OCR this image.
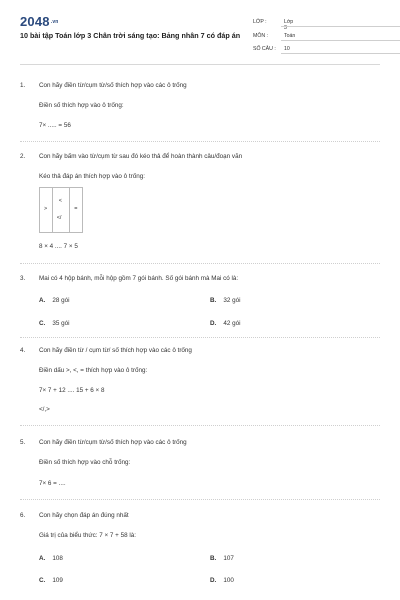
$2048^{.vn}$
10 bài tập Toán lớp 3 Chân trời sáng tạo: Bảng nhân 7 có đáp án
LỚP :	Lớp 3
MÔN :	Toán
SỐ CÂU :	10
1. Con hãy điền từ/cụm từ/số thích hợp vào các ô trống
Điền số thích hợp vào ô trống:
7× ..... = 56
2. Con hãy bấm vào từ/cụm từ sau đó kéo thả để hoàn thành câu/đoạn văn
Kéo thả đáp án thích hợp vào ô trống:
8 × 4 .... 7 × 5
>
<
</
=
3. Mai có 4 hộp bánh, mỗi hộp gồm 7 gói bánh. Số gói bánh mà Mai có là:
A. 28 gói	B. 32 gói
C. 35 gói	D. 42 gói
4. Con hãy điền từ / cụm từ/ số thích hợp vào các ô trống
Điền dấu >, <, = thích hợp vào ô trống:
7× 7 + 12 .... 15 + 6 × 8
</,>
5. Con hãy điền từ/cụm từ/số thích hợp vào các ô trống
Điền số thích hợp vào chỗ trống:
7× 6 = ....
6. Con hãy chọn đáp án đúng nhất
Giá trị của biểu thức: 7 × 7 + 58 là:
A. 108	B. 107
C. 109	D. 100
